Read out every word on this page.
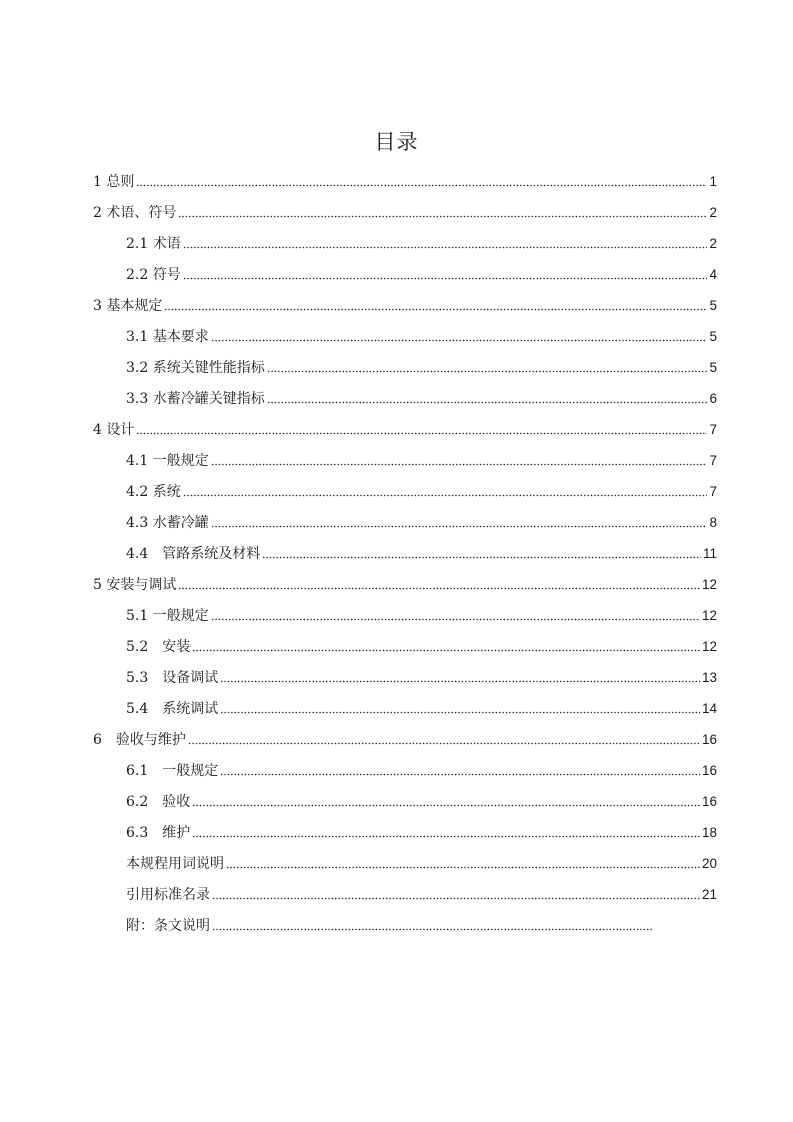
目录
1 总则	1
2 术语、符号	2
2.1 术语	2
2.2 符号	4
3 基本规定	5
3.1 基本要求	5
3.2 系统关键性能指标	5
3.3 水蓄冷罐关键指标	6
4 设计	7
4.1 一般规定	7
4.2 系统	7
4.3 水蓄冷罐	8
4.4　管路系统及材料	11
5 安装与调试	12
5.1 一般规定	12
5.2　安装	12
5.3　设备调试	13
5.4　系统调试	14
6　验收与维护	16
6.1　一般规定	16
6.2　验收	16
6.3　维护	18
本规程用词说明	20
引用标准名录	21
附：条文说明
